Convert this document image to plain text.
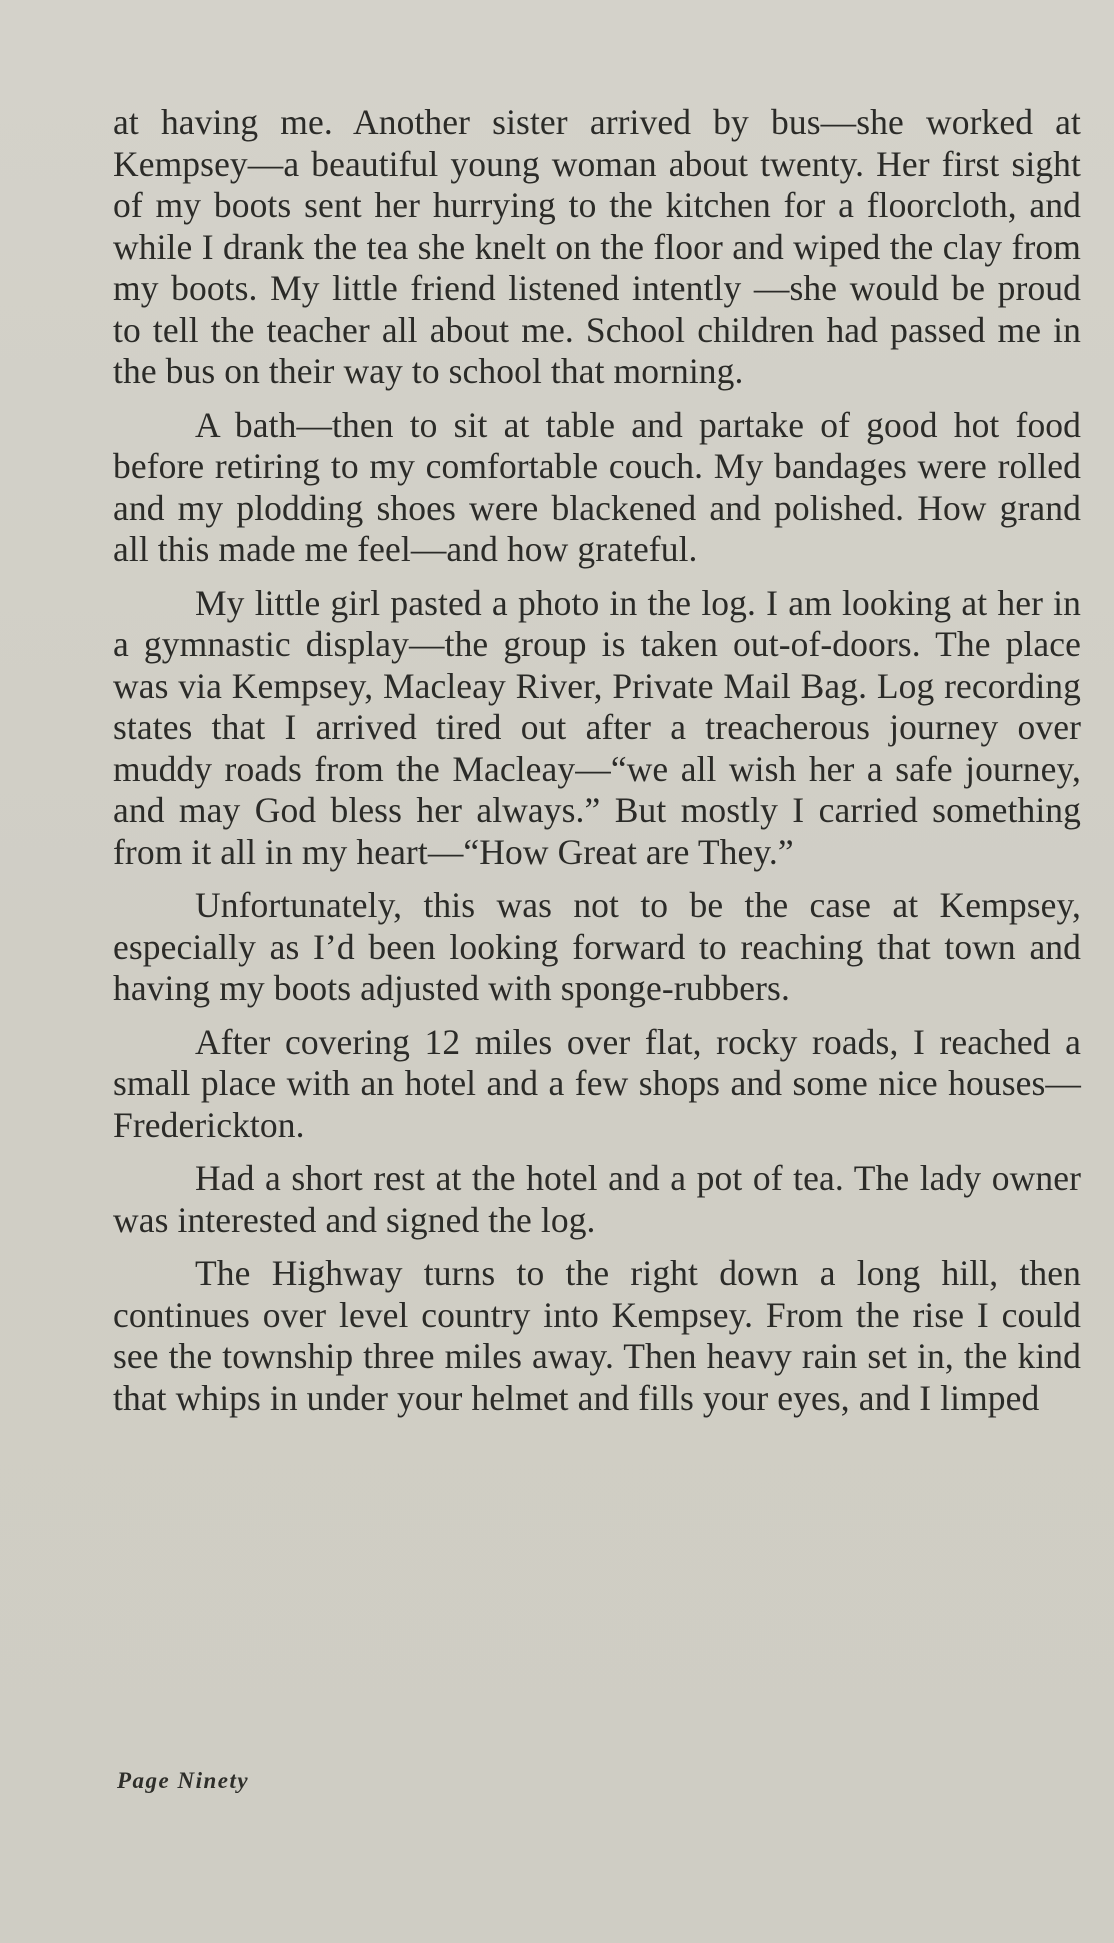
at having me. Another sister arrived by bus—she worked at Kempsey—a beautiful young woman about twenty. Her first sight of my boots sent her hurrying to the kitchen for a floorcloth, and while I drank the tea she knelt on the floor and wiped the clay from my boots. My little friend listened intently —she would be proud to tell the teacher all about me. School children had passed me in the bus on their way to school that morning.

A bath—then to sit at table and partake of good hot food before retiring to my comfortable couch. My bandages were rolled and my plodding shoes were blackened and polished. How grand all this made me feel—and how grateful.

My little girl pasted a photo in the log. I am looking at her in a gymnastic display—the group is taken out-of-doors. The place was via Kempsey, Macleay River, Private Mail Bag. Log recording states that I arrived tired out after a treacherous journey over muddy roads from the Macleay—“we all wish her a safe journey, and may God bless her always.” But mostly I carried something from it all in my heart—“How Great are They.”

Unfortunately, this was not to be the case at Kempsey, especially as I’d been looking forward to reaching that town and having my boots adjusted with sponge-rubbers.

After covering 12 miles over flat, rocky roads, I reached a small place with an hotel and a few shops and some nice houses—Frederickton.

Had a short rest at the hotel and a pot of tea. The lady owner was interested and signed the log.

The Highway turns to the right down a long hill, then continues over level country into Kempsey. From the rise I could see the township three miles away. Then heavy rain set in, the kind that whips in under your helmet and fills your eyes, and I limped

Page Ninety
